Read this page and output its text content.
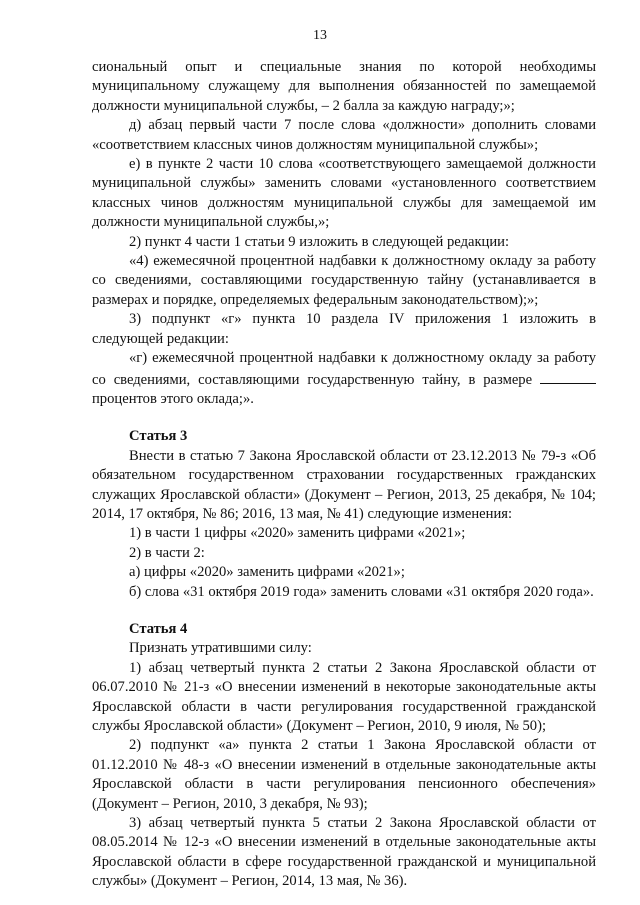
13

сиональный опыт и специальные знания по которой необходимы муниципальному служащему для выполнения обязанностей по замещаемой должности муниципальной службы, – 2 балла за каждую награду;»;

д) абзац первый части 7 после слова «должности» дополнить словами «соответствием классных чинов должностям муниципальной службы»;

е) в пункте 2 части 10 слова «соответствующего замещаемой должности муниципальной службы» заменить словами «установленного соответствием классных чинов должностям муниципальной службы для замещаемой им должности муниципальной службы,»;

2) пункт 4 части 1 статьи 9 изложить в следующей редакции:

«4) ежемесячной процентной надбавки к должностному окладу за работу со сведениями, составляющими государственную тайну (устанавливается в размерах и порядке, определяемых федеральным законодательством);»;

3) подпункт «г» пункта 10 раздела IV приложения 1 изложить в следующей редакции:

«г) ежемесячной процентной надбавки к должностному окладу за работу со сведениями, составляющими государственную тайну, в размере  процентов этого оклада;».

Статья 3

Внести в статью 7 Закона Ярославской области от 23.12.2013 № 79-з «Об обязательном государственном страховании государственных гражданских служащих Ярославской области» (Документ – Регион, 2013, 25 декабря, № 104; 2014, 17 октября, № 86; 2016, 13 мая, № 41) следующие изменения:

1) в части 1 цифры «2020» заменить цифрами «2021»;

2) в части 2:

а) цифры «2020» заменить цифрами «2021»;

б) слова «31 октября 2019 года» заменить словами «31 октября 2020 года».

Статья 4

Признать утратившими силу:

1) абзац четвертый пункта 2 статьи 2 Закона Ярославской области от 06.07.2010 № 21-з «О внесении изменений в некоторые законодательные акты Ярославской области в части регулирования государственной гражданской службы Ярославской области» (Документ – Регион, 2010, 9 июля, № 50);

2) подпункт «а» пункта 2 статьи 1 Закона Ярославской области от 01.12.2010 № 48-з «О внесении изменений в отдельные законодательные акты Ярославской области в части регулирования пенсионного обеспечения» (Документ – Регион, 2010, 3 декабря, № 93);

3) абзац четвертый пункта 5 статьи 2 Закона Ярославской области от 08.05.2014 № 12-з «О внесении изменений в отдельные законодательные акты Ярославской области в сфере государственной гражданской и муниципальной службы» (Документ – Регион, 2014, 13 мая, № 36).
